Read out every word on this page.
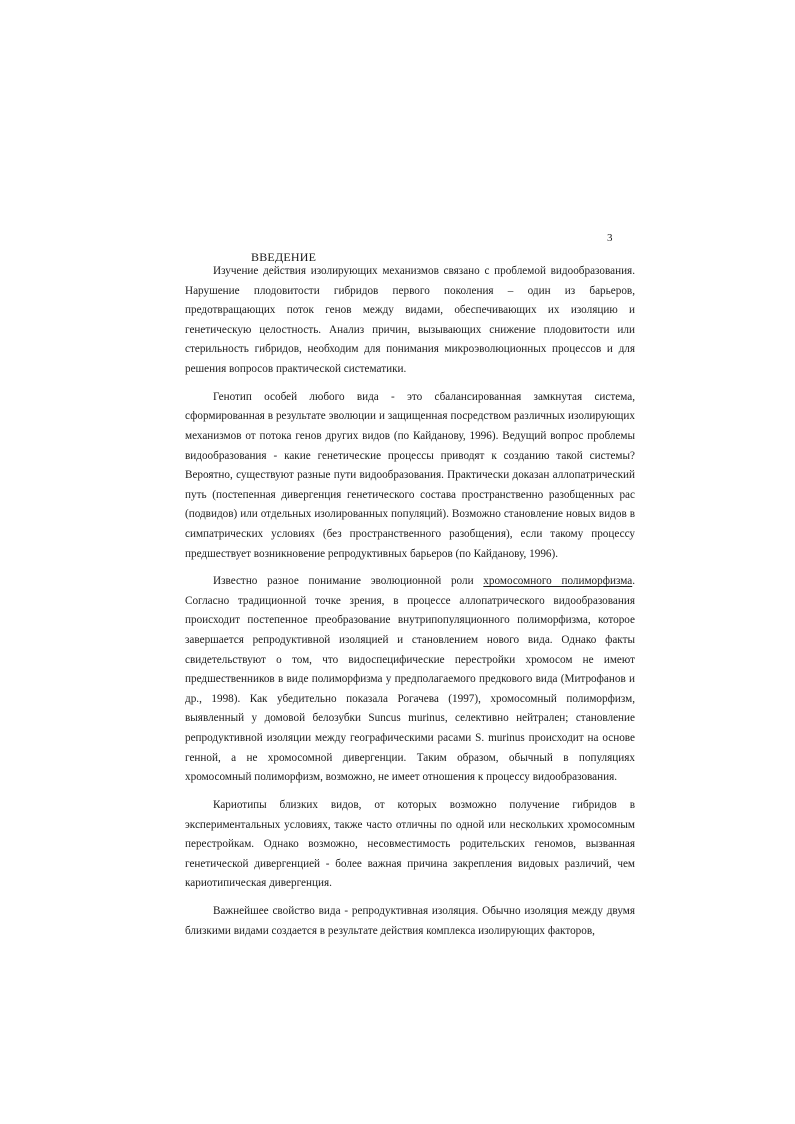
3
ВВЕДЕНИЕ

Изучение действия изолирующих механизмов связано с проблемой видообразования. Нарушение плодовитости гибридов первого поколения – один из барьеров, предотвращающих поток генов между видами, обеспечивающих их изоляцию и генетическую целостность. Анализ причин, вызывающих снижение плодовитости или стерильность гибридов, необходим для понимания микроэволюционных процессов и для решения вопросов практической систематики.

Генотип особей любого вида - это сбалансированная замкнутая система, сформированная в результате эволюции и защищенная посредством различных изолирующих механизмов от потока генов других видов (по Кайданову, 1996). Ведущий вопрос проблемы видообразования - какие генетические процессы приводят к созданию такой системы? Вероятно, существуют разные пути видообразования. Практически доказан аллопатрический путь (постепенная дивергенция генетического состава пространственно разобщенных рас (подвидов) или отдельных изолированных популяций). Возможно становление новых видов в симпатрических условиях (без пространственного разобщения), если такому процессу предшествует возникновение репродуктивных барьеров (по Кайданову, 1996).

Известно разное понимание эволюционной роли хромосомного полиморфизма. Согласно традиционной точке зрения, в процессе аллопатрического видообразования происходит постепенное преобразование внутрипопуляционного полиморфизма, которое завершается репродуктивной изоляцией и становлением нового вида. Однако факты свидетельствуют о том, что видоспецифические перестройки хромосом не имеют предшественников в виде полиморфизма у предполагаемого предкового вида (Митрофанов и др., 1998). Как убедительно показала Рогачева (1997), хромосомный полиморфизм, выявленный у домовой белозубки Suncus murinus, селективно нейтрален; становление репродуктивной изоляции между географическими расами S. murinus происходит на основе генной, а не хромосомной дивергенции. Таким образом, обычный в популяциях хромосомный полиморфизм, возможно, не имеет отношения к процессу видообразования.

Кариотипы близких видов, от которых возможно получение гибридов в экспериментальных условиях, также часто отличны по одной или нескольких хромосомным перестройкам. Однако возможно, несовместимость родительских геномов, вызванная генетической дивергенцией - более важная причина закрепления видовых различий, чем кариотипическая дивергенция.

Важнейшее свойство вида - репродуктивная изоляция. Обычно изоляция между двумя близкими видами создается в результате действия комплекса изолирующих факторов,
